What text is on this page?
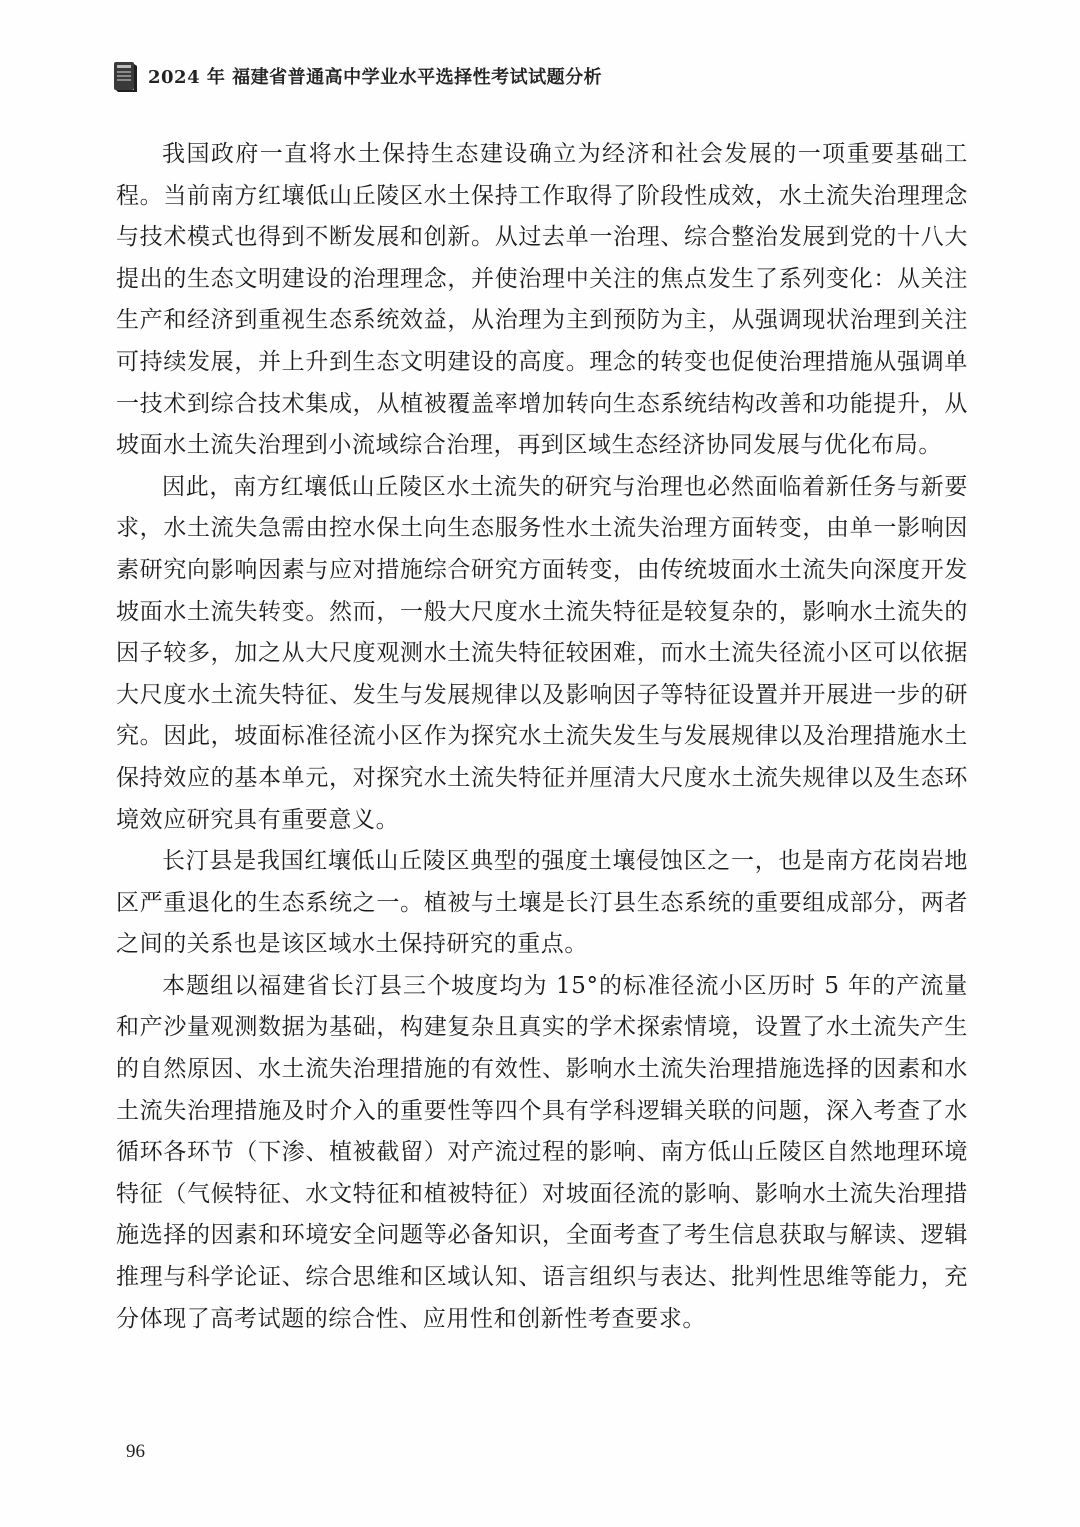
2024 年 福建省普通高中学业水平选择性考试试题分析

我国政府一直将水土保持生态建设确立为经济和社会发展的一项重要基础工程。当前南方红壤低山丘陵区水土保持工作取得了阶段性成效，水土流失治理理念与技术模式也得到不断发展和创新。从过去单一治理、综合整治发展到党的十八大提出的生态文明建设的治理理念，并使治理中关注的焦点发生了系列变化：从关注生产和经济到重视生态系统效益，从治理为主到预防为主，从强调现状治理到关注可持续发展，并上升到生态文明建设的高度。理念的转变也促使治理措施从强调单一技术到综合技术集成，从植被覆盖率增加转向生态系统结构改善和功能提升，从坡面水土流失治理到小流域综合治理，再到区域生态经济协同发展与优化布局。

因此，南方红壤低山丘陵区水土流失的研究与治理也必然面临着新任务与新要求，水土流失急需由控水保土向生态服务性水土流失治理方面转变，由单一影响因素研究向影响因素与应对措施综合研究方面转变，由传统坡面水土流失向深度开发坡面水土流失转变。然而，一般大尺度水土流失特征是较复杂的，影响水土流失的因子较多，加之从大尺度观测水土流失特征较困难，而水土流失径流小区可以依据大尺度水土流失特征、发生与发展规律以及影响因子等特征设置并开展进一步的研究。因此，坡面标准径流小区作为探究水土流失发生与发展规律以及治理措施水土保持效应的基本单元，对探究水土流失特征并厘清大尺度水土流失规律以及生态环境效应研究具有重要意义。

长汀县是我国红壤低山丘陵区典型的强度土壤侵蚀区之一，也是南方花岗岩地区严重退化的生态系统之一。植被与土壤是长汀县生态系统的重要组成部分，两者之间的关系也是该区域水土保持研究的重点。

本题组以福建省长汀县三个坡度均为 15°的标准径流小区历时 5 年的产流量和产沙量观测数据为基础，构建复杂且真实的学术探索情境，设置了水土流失产生的自然原因、水土流失治理措施的有效性、影响水土流失治理措施选择的因素和水土流失治理措施及时介入的重要性等四个具有学科逻辑关联的问题，深入考查了水循环各环节（下渗、植被截留）对产流过程的影响、南方低山丘陵区自然地理环境特征（气候特征、水文特征和植被特征）对坡面径流的影响、影响水土流失治理措施选择的因素和环境安全问题等必备知识，全面考查了考生信息获取与解读、逻辑推理与科学论证、综合思维和区域认知、语言组织与表达、批判性思维等能力，充分体现了高考试题的综合性、应用性和创新性考查要求。

96
